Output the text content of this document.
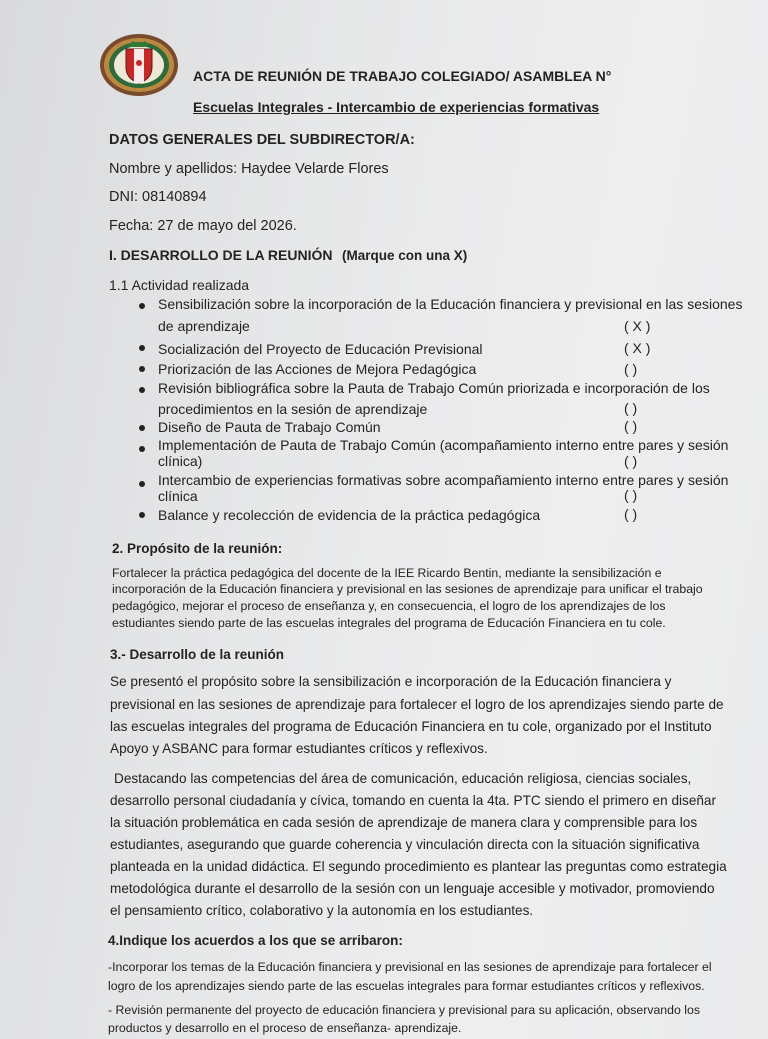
ACTA DE REUNIÓN DE TRABAJO COLEGIADO/ ASAMBLEA N°

Escuelas Integrales - Intercambio de experiencias formativas

DATOS GENERALES DEL SUBDIRECTOR/A:

Nombre y apellidos: Haydee Velarde Flores

DNI: 08140894

Fecha: 27 de mayo del 2026.

I. DESARROLLO DE LA REUNIÓN (Marque con una X)

1.1 Actividad realizada

Sensibilización sobre la incorporación de la Educación financiera y previsional en las sesiones

de aprendizaje	( X )

Socialización del Proyecto de Educación Previsional	( X )

Priorización de las Acciones de Mejora Pedagógica	( )

Revisión bibliográfica sobre la Pauta de Trabajo Común priorizada e incorporación de los

procedimientos en la sesión de aprendizaje	( )

Diseño de Pauta de Trabajo Común	( )

Implementación de Pauta de Trabajo Común (acompañamiento interno entre pares y sesión

clínica)	( )

Intercambio de experiencias formativas sobre acompañamiento interno entre pares y sesión

clínica	( )

Balance y recolección de evidencia de la práctica pedagógica	( )

2. Propósito de la reunión:

Fortalecer la práctica pedagógica del docente de la IEE Ricardo Bentin, mediante la sensibilización e

incorporación de la Educación financiera y previsional en las sesiones de aprendizaje para unificar el trabajo

pedagógico, mejorar el proceso de enseñanza y, en consecuencia, el logro de los aprendizajes de los

estudiantes siendo parte de las escuelas integrales del programa de Educación Financiera en tu cole.

3.- Desarrollo de la reunión

Se presentó el propósito sobre la sensibilización e incorporación de la Educación financiera y

previsional en las sesiones de aprendizaje para fortalecer el logro de los aprendizajes siendo parte de

las escuelas integrales del programa de Educación Financiera en tu cole, organizado por el Instituto

Apoyo y ASBANC para formar estudiantes críticos y reflexivos.

Destacando las competencias del área de comunicación, educación religiosa, ciencias sociales,

desarrollo personal ciudadanía y cívica, tomando en cuenta la 4ta. PTC siendo el primero en diseñar

la situación problemática en cada sesión de aprendizaje de manera clara y comprensible para los

estudiantes, asegurando que guarde coherencia y vinculación directa con la situación significativa

planteada en la unidad didáctica. El segundo procedimiento es plantear las preguntas como estrategia

metodológica durante el desarrollo de la sesión con un lenguaje accesible y motivador, promoviendo

el pensamiento crítico, colaborativo y la autonomía en los estudiantes.

4.Indique los acuerdos a los que se arribaron:

-Incorporar los temas de la Educación financiera y previsional en las sesiones de aprendizaje para fortalecer el

logro de los aprendizajes siendo parte de las escuelas integrales para formar estudiantes críticos y reflexivos.

- Revisión permanente del proyecto de educación financiera y previsional para su aplicación, observando los

productos y desarrollo en el proceso de enseñanza- aprendizaje.
